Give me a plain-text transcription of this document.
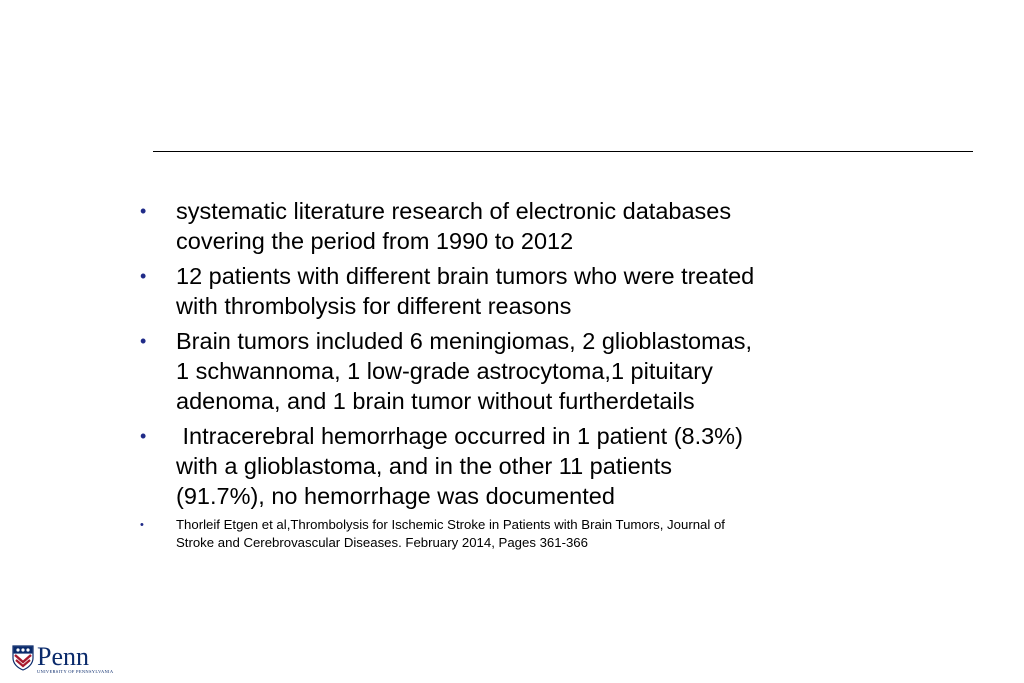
• systematic literature research of electronic databases covering the period from 1990 to 2012
• 12 patients with different brain tumors who were treated with thrombolysis for different reasons
• Brain tumors included 6 meningiomas, 2 glioblastomas, 1 schwannoma, 1 low-grade astrocytoma,1 pituitary adenoma, and 1 brain tumor without furtherdetails
• Intracerebral hemorrhage occurred in 1 patient (8.3%) with a glioblastoma, and in the other 11 patients (91.7%), no hemorrhage was documented
• Thorleif Etgen et al,Thrombolysis for Ischemic Stroke in Patients with Brain Tumors, Journal of Stroke and Cerebrovascular Diseases. February 2014, Pages 361-366
Penn
UNIVERSITY OF PENNSYLVANIA
